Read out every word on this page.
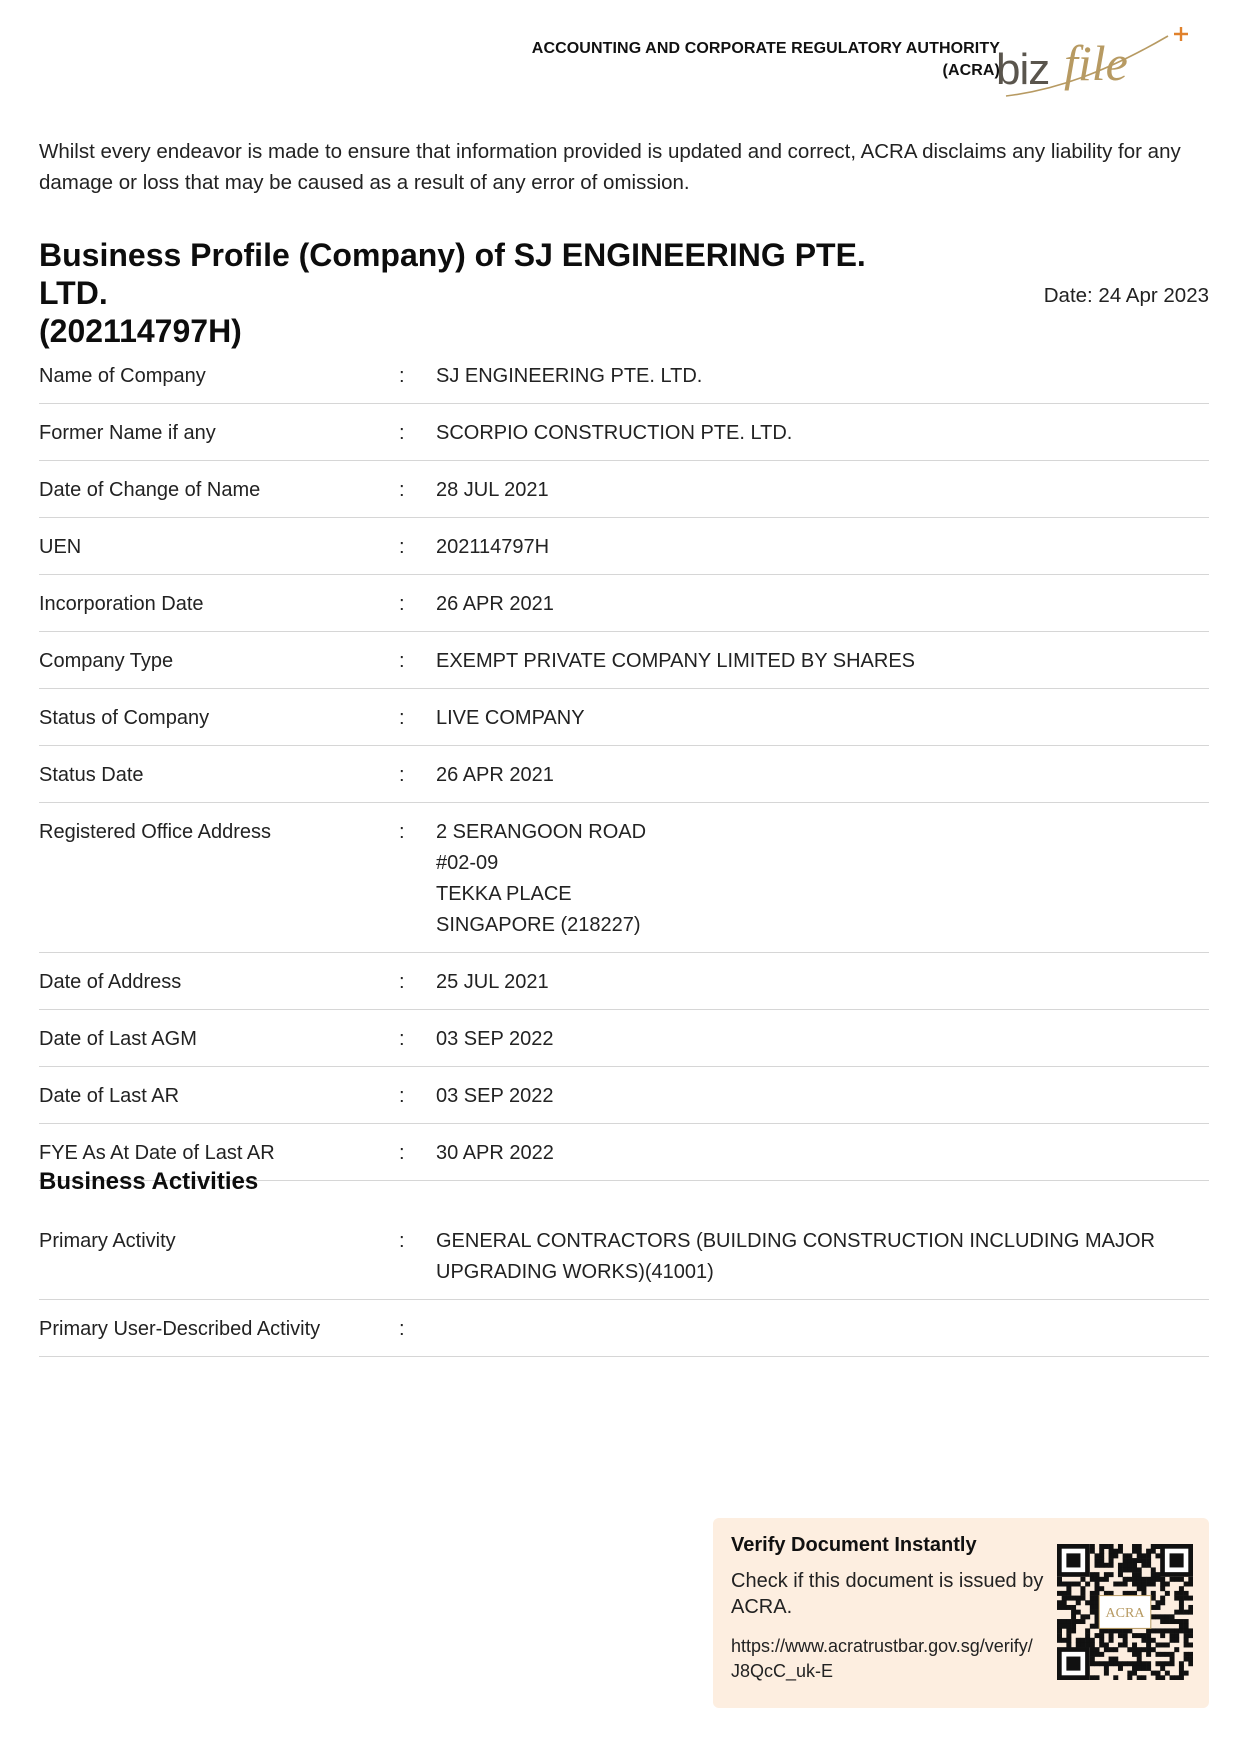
ACCOUNTING AND CORPORATE REGULATORY AUTHORITY
(ACRA)
biz file
Whilst every endeavor is made to ensure that information provided is updated and correct, ACRA disclaims any liability for any damage or loss that may be caused as a result of any error of omission.
Business Profile (Company) of SJ ENGINEERING PTE. LTD.
(202114797H)
Date: 24 Apr 2023
Name of Company	:	SJ ENGINEERING PTE. LTD.
Former Name if any	:	SCORPIO CONSTRUCTION PTE. LTD.
Date of Change of Name	:	28 JUL 2021
UEN	:	202114797H
Incorporation Date	:	26 APR 2021
Company Type	:	EXEMPT PRIVATE COMPANY LIMITED BY SHARES
Status of Company	:	LIVE COMPANY
Status Date	:	26 APR 2021
Registered Office Address	:	2 SERANGOON ROAD
#02-09
TEKKA PLACE
SINGAPORE (218227)
Date of Address	:	25 JUL 2021
Date of Last AGM	:	03 SEP 2022
Date of Last AR	:	03 SEP 2022
FYE As At Date of Last AR	:	30 APR 2022
Business Activities
Primary Activity	:	GENERAL CONTRACTORS (BUILDING CONSTRUCTION INCLUDING MAJOR
UPGRADING WORKS)(41001)
Primary User-Described Activity	:
Verify Document Instantly
Check if this document is issued by ACRA.
https://www.acratrustbar.gov.sg/verify/J8QcC_uk-E
ACRA
